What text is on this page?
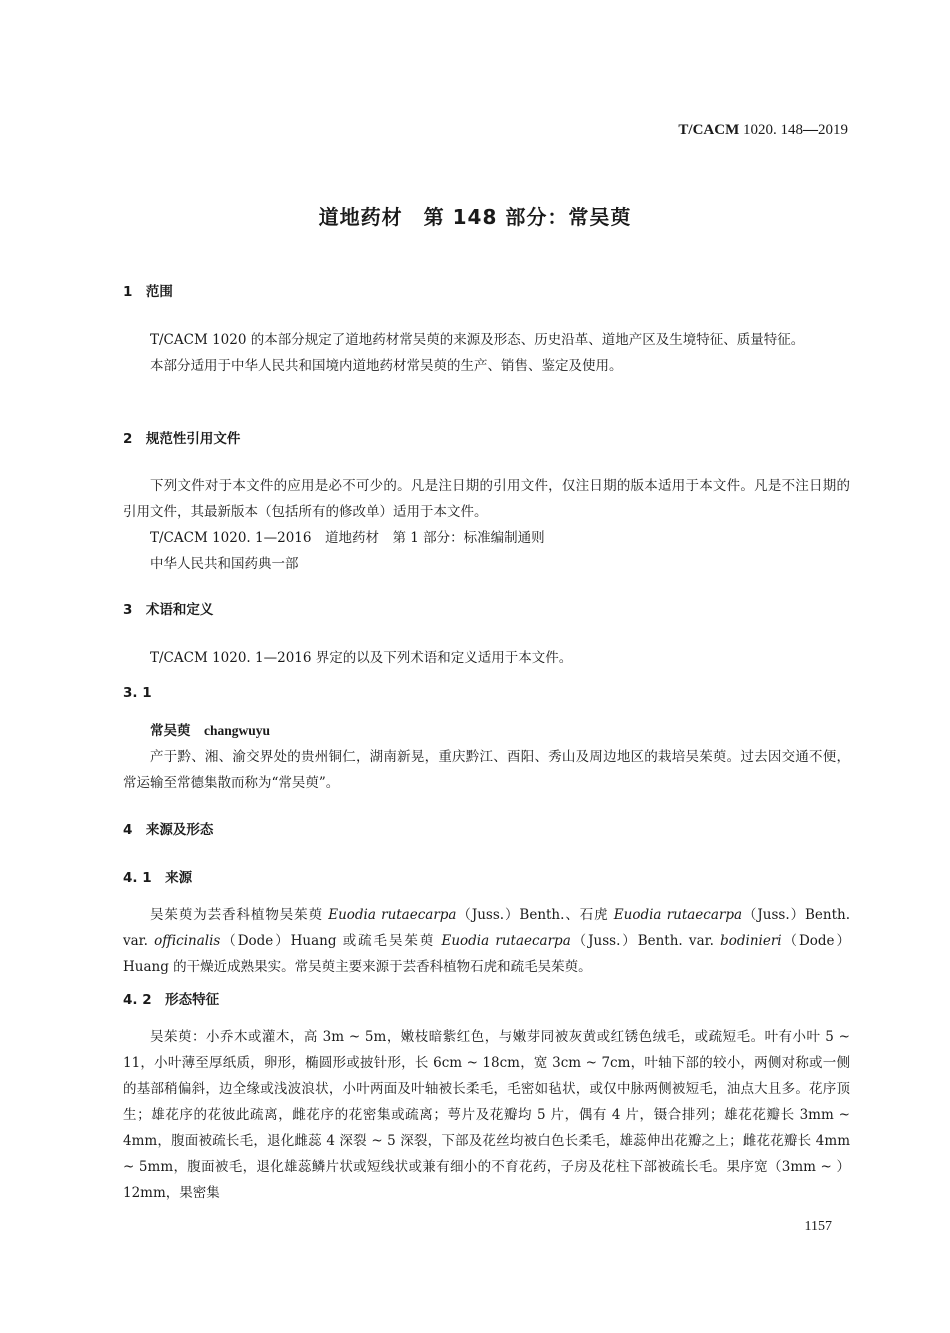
T/CACM 1020. 148—2019
道地药材　第 148 部分：常吴萸
1　范围

T/CACM 1020 的本部分规定了道地药材常吴萸的来源及形态、历史沿革、道地产区及生境特征、质量特征。

本部分适用于中华人民共和国境内道地药材常吴萸的生产、销售、鉴定及使用。

2　规范性引用文件

下列文件对于本文件的应用是必不可少的。凡是注日期的引用文件，仅注日期的版本适用于本文件。凡是不注日期的引用文件，其最新版本（包括所有的修改单）适用于本文件。

T/CACM 1020. 1—2016　道地药材　第 1 部分：标准编制通则

中华人民共和国药典一部

3　术语和定义

T/CACM 1020. 1—2016 界定的以及下列术语和定义适用于本文件。

3. 1

常吴萸　 changwuyu

产于黔、湘、渝交界处的贵州铜仁，湖南新晃，重庆黔江、酉阳、秀山及周边地区的栽培吴茱萸。过去因交通不便，常运输至常德集散而称为“常吴萸”。

4　来源及形态
4. 1　来源

吴茱萸为芸香科植物吴茱萸 Euodia rutaecarpa（Juss.）Benth.、石虎 Euodia rutaecarpa（Juss.）Benth. var. officinalis（Dode）Huang 或疏毛吴茱萸 Euodia rutaecarpa（Juss.）Benth. var. bodinieri（Dode）Huang 的干燥近成熟果实。常吴萸主要来源于芸香科植物石虎和疏毛吴茱萸。

4. 2　形态特征

吴茱萸：小乔木或灌木，高 3m ~ 5m，嫩枝暗紫红色，与嫩芽同被灰黄或红锈色绒毛，或疏短毛。叶有小叶 5 ~ 11，小叶薄至厚纸质，卵形，椭圆形或披针形，长 6cm ~ 18cm，宽 3cm ~ 7cm，叶轴下部的较小，两侧对称或一侧的基部稍偏斜，边全缘或浅波浪状，小叶两面及叶轴被长柔毛，毛密如毡状，或仅中脉两侧被短毛，油点大且多。花序顶生；雄花序的花彼此疏离，雌花序的花密集或疏离；萼片及花瓣均 5 片，偶有 4 片，镊合排列；雄花花瓣长 3mm ~ 4mm，腹面被疏长毛，退化雌蕊 4 深裂 ~ 5 深裂，下部及花丝均被白色长柔毛，雄蕊伸出花瓣之上；雌花花瓣长 4mm ~ 5mm，腹面被毛，退化雄蕊鳞片状或短线状或兼有细小的不育花药，子房及花柱下部被疏长毛。果序宽（3mm ~ ）12mm，果密集

1157
